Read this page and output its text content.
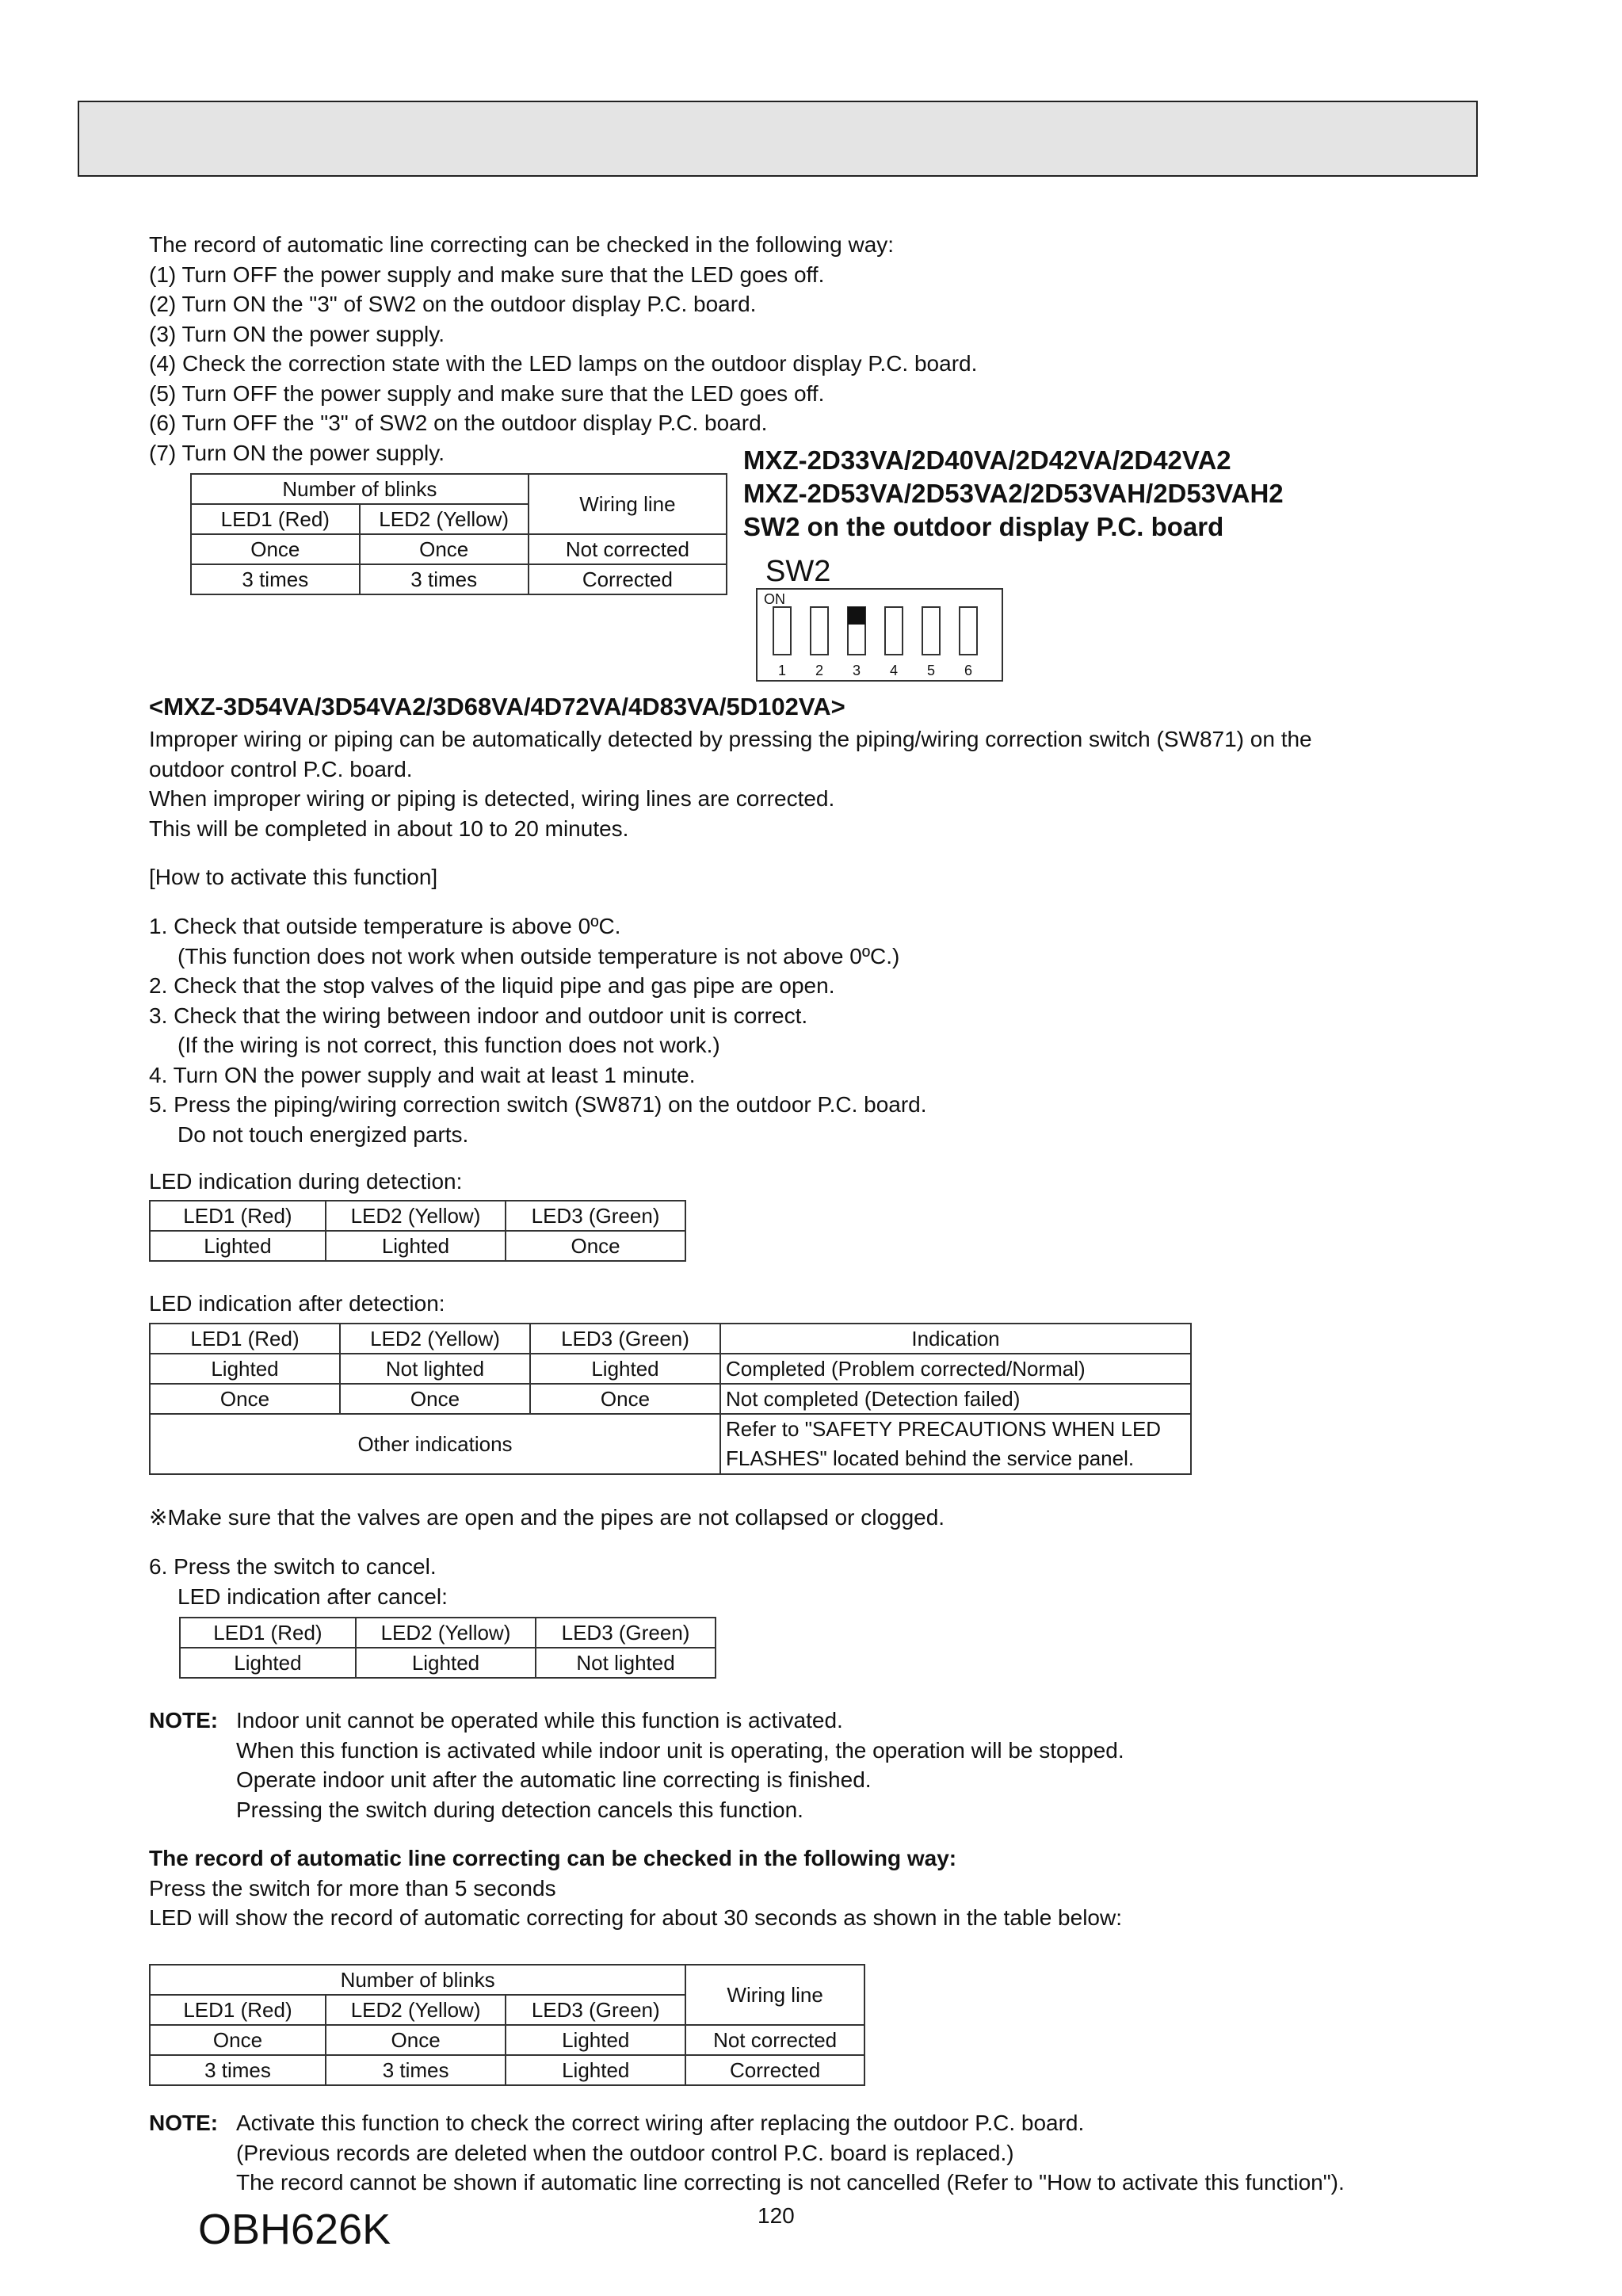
The record of automatic line correcting can be checked in the following way:
(1) Turn OFF the power supply and make sure that the LED goes off.
(2) Turn ON the "3" of SW2 on the outdoor display P.C. board.
(3) Turn ON the power supply.
(4) Check the correction state with the LED lamps on the outdoor display P.C. board.
(5) Turn OFF the power supply and make sure that the LED goes off.
(6) Turn OFF the "3" of SW2 on the outdoor display P.C. board.
(7) Turn ON the power supply.
Number of blinks		Wiring line
LED1 (Red)	LED2 (Yellow)	
Once	Once	Not corrected
3 times	3 times	Corrected
MXZ-2D33VA/2D40VA/2D42VA/2D42VA2
MXZ-2D53VA/2D53VA2/2D53VAH/2D53VAH2
SW2 on the outdoor display P.C. board
SW2
ON
1 2 3 4 5 6
<MXZ-3D54VA/3D54VA2/3D68VA/4D72VA/4D83VA/5D102VA>
Improper wiring or piping can be automatically detected by pressing the piping/wiring correction switch (SW871) on the
outdoor control P.C. board.
When improper wiring or piping is detected, wiring lines are corrected.
This will be completed in about 10 to 20 minutes.
[How to activate this function]
1. Check that outside temperature is above 0ºC.
(This function does not work when outside temperature is not above 0ºC.)
2. Check that the stop valves of the liquid pipe and gas pipe are open.
3. Check that the wiring between indoor and outdoor unit is correct.
(If the wiring is not correct, this function does not work.)
4. Turn ON the power supply and wait at least 1 minute.
5. Press the piping/wiring correction switch (SW871) on the outdoor P.C. board.
Do not touch energized parts.
LED indication during detection:
LED1 (Red)	LED2 (Yellow)	LED3 (Green)
Lighted	Lighted	Once
LED indication after detection:
LED1 (Red)	LED2 (Yellow)	LED3 (Green)	Indication
Lighted	Not lighted	Lighted	Completed (Problem corrected/Normal)
Once	Once	Once	Not completed (Detection failed)
Other indications			Refer to "SAFETY PRECAUTIONS WHEN LED
FLASHES" located behind the service panel.
※Make sure that the valves are open and the pipes are not collapsed or clogged.
6. Press the switch to cancel.
LED indication after cancel:
LED1 (Red)	LED2 (Yellow)	LED3 (Green)
Lighted	Lighted	Not lighted
NOTE: Indoor unit cannot be operated while this function is activated.
When this function is activated while indoor unit is operating, the operation will be stopped.
Operate indoor unit after the automatic line correcting is finished.
Pressing the switch during detection cancels this function.
The record of automatic line correcting can be checked in the following way:
Press the switch for more than 5 seconds
LED will show the record of automatic correcting for about 30 seconds as shown in the table below:
Number of blinks			Wiring line
LED1 (Red)	LED2 (Yellow)	LED3 (Green)	
Once	Once	Lighted	Not corrected
3 times	3 times	Lighted	Corrected
NOTE: Activate this function to check the correct wiring after replacing the outdoor P.C. board.
(Previous records are deleted when the outdoor control P.C. board is replaced.)
The record cannot be shown if automatic line correcting is not cancelled (Refer to "How to activate this function").
120
OBH626K
